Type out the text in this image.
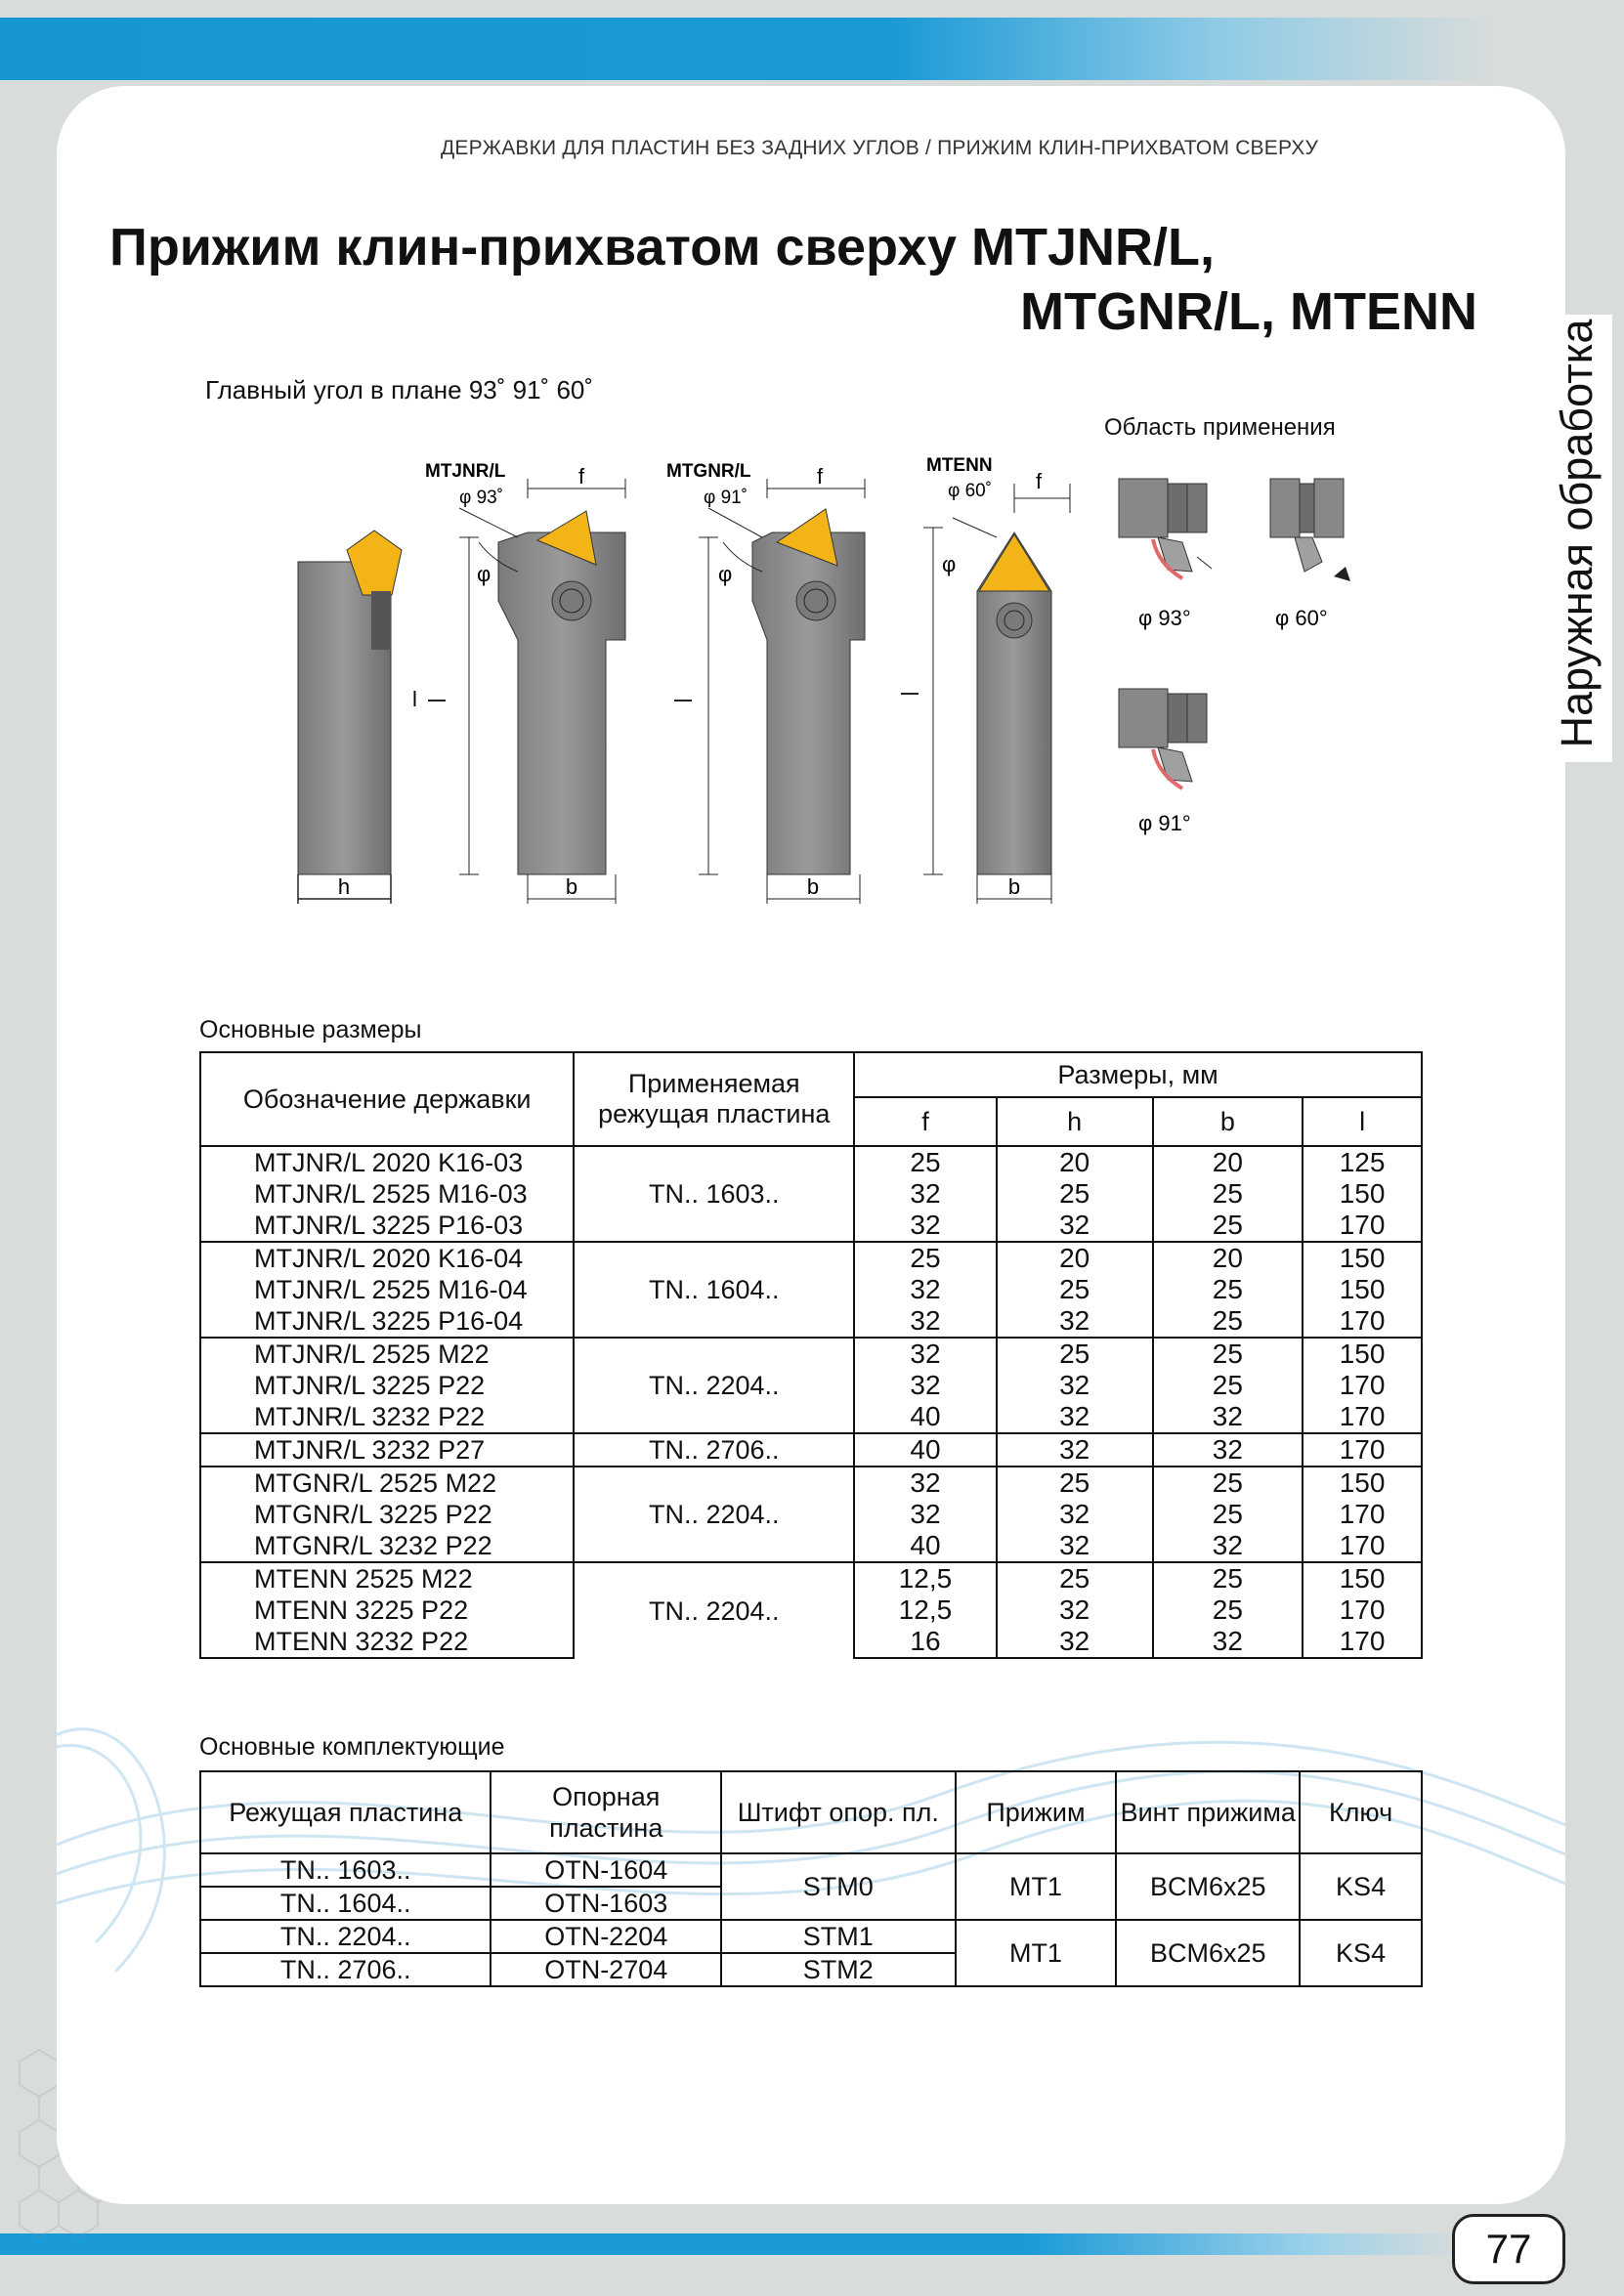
ДЕРЖАВКИ ДЛЯ ПЛАСТИН БЕЗ ЗАДНИХ УГЛОВ / ПРИЖИМ КЛИН-ПРИХВАТОМ СВЕРХУ
Прижим клин-прихватом сверху MTJNR/L,
MTGNR/L, MTENN
Наружная обработка
Главный угол в плане 93˚ 91˚ 60˚
Область применения
h
MTJNR/L
φ 93˚
f
φ
l
b
MTGNR/L
φ 91˚
f
φ
b
MTENN
φ 60˚ f
φ
b
φ 93°	φ 60°
φ 91°
Основные размеры
Обозначение державки	Применяемая режущая пластина	Размеры, мм			
		f	h	b	l
MTJNR/L 2020 K16-03	TN.. 1603..	25	20	20	125
MTJNR/L 2525 M16-03		32	25	25	150
MTJNR/L 3225 P16-03		32	32	25	170
MTJNR/L 2020 K16-04	TN.. 1604..	25	20	20	150
MTJNR/L 2525 M16-04		32	25	25	150
MTJNR/L 3225 P16-04		32	32	25	170
MTJNR/L 2525 M22	TN.. 2204..	32	25	25	150
MTJNR/L 3225 P22		32	32	25	170
MTJNR/L 3232 P22		40	32	32	170
MTJNR/L 3232 P27	TN.. 2706..	40	32	32	170
MTGNR/L 2525 M22	TN.. 2204..	32	25	25	150
MTGNR/L 3225 P22		32	32	25	170
MTGNR/L 3232 P22		40	32	32	170
MTENN 2525 M22	TN.. 2204..	12,5	25	25	150
MTENN 3225 P22		12,5	32	25	170
MTENN 3232 P22		16	32	32	170
Основные комплектующие
Режущая пластина	Опорная пластина	Штифт опор. пл.	Прижим	Винт прижима	Ключ
TN.. 1603..	OTN-1604	STM0	MT1	BCM6x25	KS4
TN.. 1604..	OTN-1603				
TN.. 2204..	OTN-2204	STM1	MT1	BCM6x25	KS4
TN.. 2706..	OTN-2704	STM2			
77
